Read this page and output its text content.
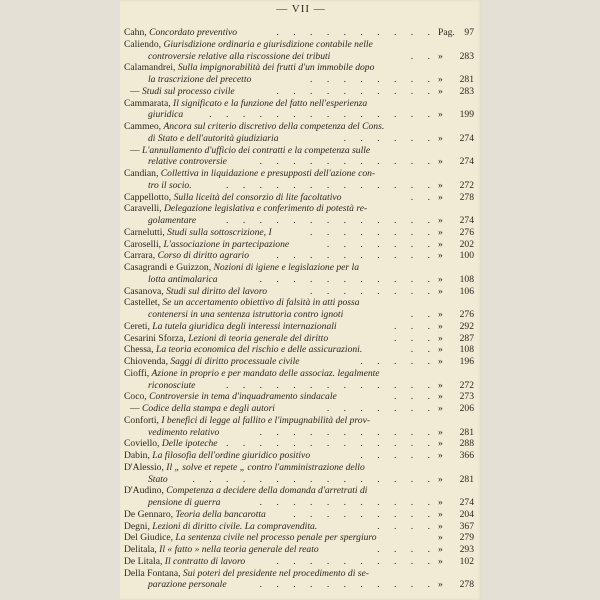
— VII —
Cahn, Concordato preventivo	. . . . . . . . . . Pag. 97
Caliendo, Giurisdizione ordinaria e giurisdizione contabile nelle
controversie relative alla riscossione dei tributi	. . »	283
Calamandrei, Sulla impignorabilità dei frutti d'un immobile dopo
la trascrizione del precetto	. . . . . . . . »	281
— Studi sul processo civile	. . . . . . . . . . »	283
Cammarata, Il significato e la funzione del fatto nell'esperienza
giuridica	. . . . . . . . . . . . . . »	199
Cammeo, Ancora sul criterio discretivo della competenza del Cons.
di Stato e dell'autorità giudiziaria	. . . . . . »	274
— L'annullamento d'ufficio dei contratti e la competenza sulle
relative controversie	. . . . . . . . . . . »	274
Candian, Collettiva in liquidazione e presupposti dell'azione con-
tro il socio.	. . . . . . . . . . . . . »	272
Cappellotto, Sulla liceità del consorzio di lite facoltativo	. . »	278
Caravelli, Delegazione legislativa e conferimento di potestà re-
golamentare	. . . . . . . . . . . . . »	274
Carnelutti, Studi sulla sottoscrizione, I	. . . . . . . . »	276
Caroselli, L'associazione in partecipazione	. . . . . . . »	202
Carrara, Corso di diritto agrario	. . . . . . . . . . »	100
Casagrandi e Guizzon, Nozioni di igiene e legislazione per la
lotta antimalarica	. . . . . . . . . . . »	108
Casanova, Studi sul diritto del lavoro	. . . . . . . . »	106
Castellet, Se un accertamento obiettivo di falsità in atti possa
contenersi in una sentenza istruttoria contro ignoti	. . »	276
Cereti, La tutela giuridica degli interessi internazionali	. . . »	292
Cesarini Sforza, Lezioni di teoria generale del diritto	. . . »	287
Chessa, La teoria economica del rischio e delle assicurazioni.	. . »	108
Chiovenda, Saggi di diritto processuale civile	. . . . . »	196
Cioffi, Azione in proprio e per mandato delle associaz. legalmente
riconosciute	. . . . . . . . . . . . . »	272
Coco, Controversie in tema d'inquadramento sindacale	. . . »	273
— Codice della stampa e degli autori	. . . . . . . »	206
Conforti, I benefici di legge al fallito e l'impugnabilità del prov-
vedimento relativo	. . . . . . . . . . . »	281
Coviello, Delle ipoteche . . . . . . . . . . . . . »	288
Dabin, La filosofia dell'ordine giuridico positivo	. . . . . »	366
D'Alessio, Il „ solve et repete „ contro l'amministrazione dello
Stato	. . . . . . . . . . . . . . . »	281
D'Audino, Competenza a decidere della domanda d'arretrati di
pensione di guerra	. . . . . . . . . . . »	274
De Gennaro, Teoria della bancarotta	. . . . . . . . . »	204
Degni, Lezioni di diritto civile. La compravendita.	. . . . »	367
Del Giudice, La sentenza civile nel processo penale per spergiuro	»	279
Delitala, Il « fatto » nella teoria generale del reato	. . . . »	293
De Litala, Il contratto di lavoro	. . . . . . . . . . »	102
Della Fontana, Sui poteri del presidente nel procedimento di se-
parazione personale	. . . . . . . . . . . »	278
